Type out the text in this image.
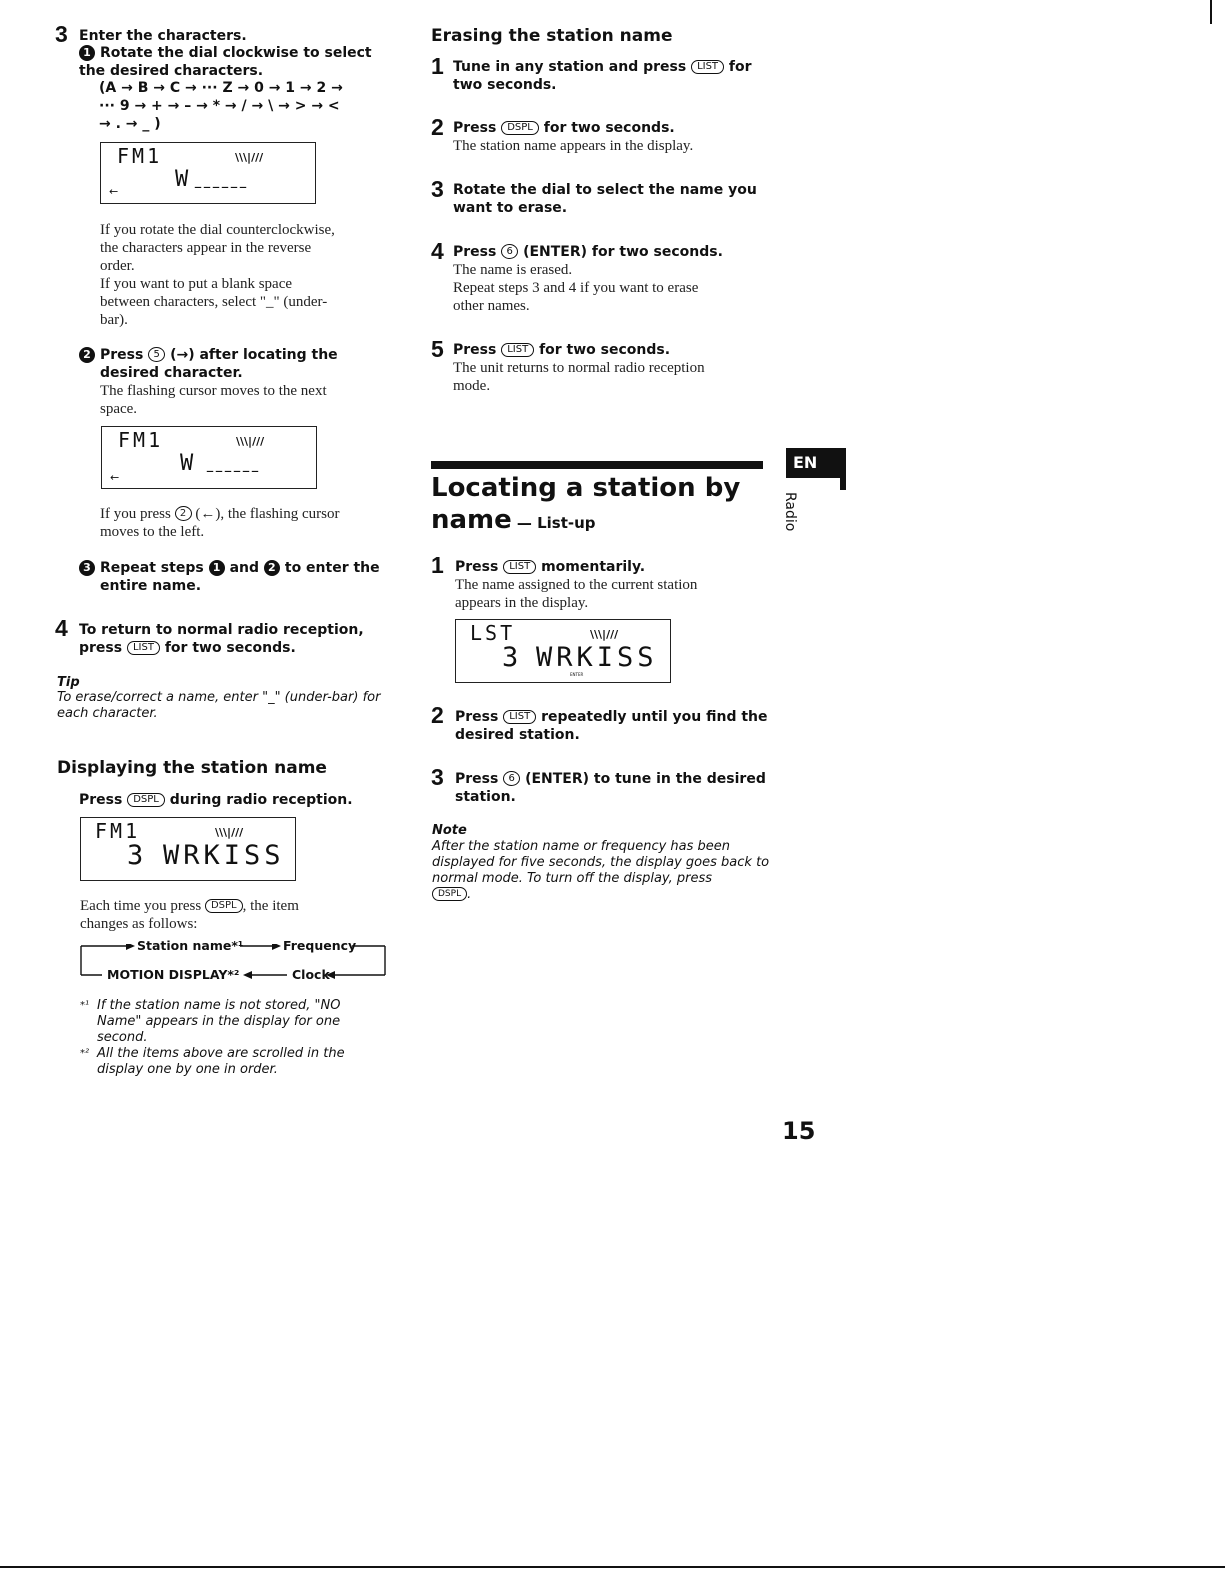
3 Enter the characters.
1 Rotate the dial clockwise to select the desired characters.
(A → B → C → ··· Z → 0 → 1 → 2 →
··· 9 → + → – → * → / → \ → > → <
→ . → _ )
FM1	\\\|///
W ––––––
←
If you rotate the dial counterclockwise,
the characters appear in the reverse
order.
If you want to put a blank space
between characters, select "_" (under-
bar).
2 Press 5 (→) after locating the
desired character.
The flashing cursor moves to the next
space.
FM1	\\\|///
W ––––––
←
If you press 2 (←), the flashing cursor
moves to the left.
3 Repeat steps 1 and 2 to enter the
entire name.
4 To return to normal radio reception,
press LIST for two seconds.
Tip
To erase/correct a name, enter "_" (under-bar) for
each character.
Displaying the station name
Press DSPL during radio reception.
FM1	\\\|///
3 WRKISS
Each time you press DSPL , the item
changes as follows:
Station name*¹	Frequency
MOTION DISPLAY*²	Clock
*¹ If the station name is not stored, "NO
Name" appears in the display for one
second.
*² All the items above are scrolled in the
display one by one in order.
Erasing the station name
1 Tune in any station and press LIST for
two seconds.
2 Press DSPL for two seconds.
The station name appears in the display.
3 Rotate the dial to select the name you
want to erase.
4 Press 6 (ENTER) for two seconds.
The name is erased.
Repeat steps 3 and 4 if you want to erase
other names.
5 Press LIST for two seconds.
The unit returns to normal radio reception
mode.
Locating a station by
name — List-up
EN
Radio
1 Press LIST momentarily.
The name assigned to the current station
appears in the display.
LST	\\\|///
3 WRKISS
ENTER
2 Press LIST repeatedly until you find the
desired station.
3 Press 6 (ENTER) to tune in the desired
station.
Note
After the station name or frequency has been
displayed for five seconds, the display goes back to
normal mode. To turn off the display, press
DSPL .
15
